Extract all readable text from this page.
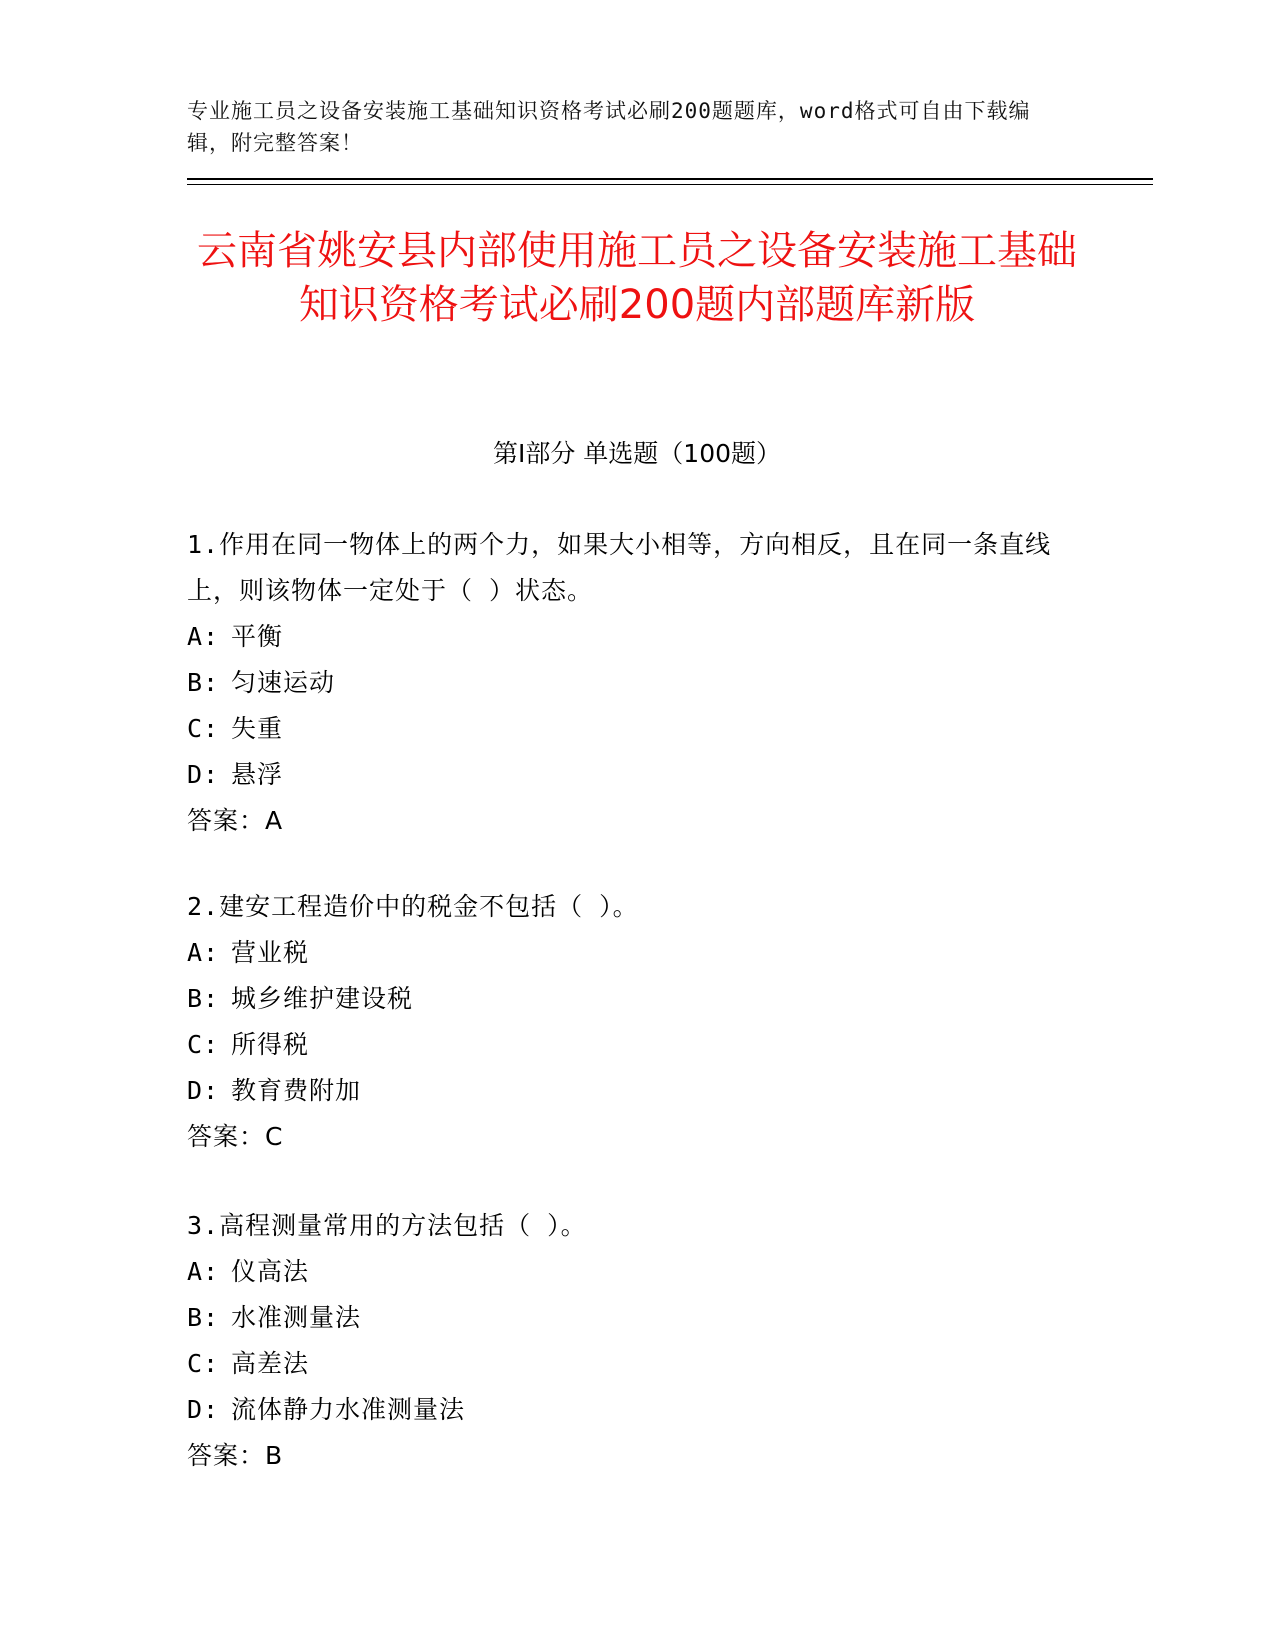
专业施工员之设备安装施工基础知识资格考试必刷200题题库，word格式可自由下载编辑，附完整答案！

云南省姚安县内部使用施工员之设备安装施工基础知识资格考试必刷200题内部题库新版
第I部分 单选题（100题）

1.作用在同一物体上的两个力，如果大小相等，方向相反，且在同一条直线上，则该物体一定处于（ ）状态。

A: 平衡

B: 匀速运动

C: 失重

D: 悬浮

答案：A

2.建安工程造价中的税金不包括（ ）。

A: 营业税

B: 城乡维护建设税

C: 所得税

D: 教育费附加

答案：C

3.高程测量常用的方法包括（ ）。

A: 仪高法

B: 水准测量法

C: 高差法

D: 流体静力水准测量法

答案：B
